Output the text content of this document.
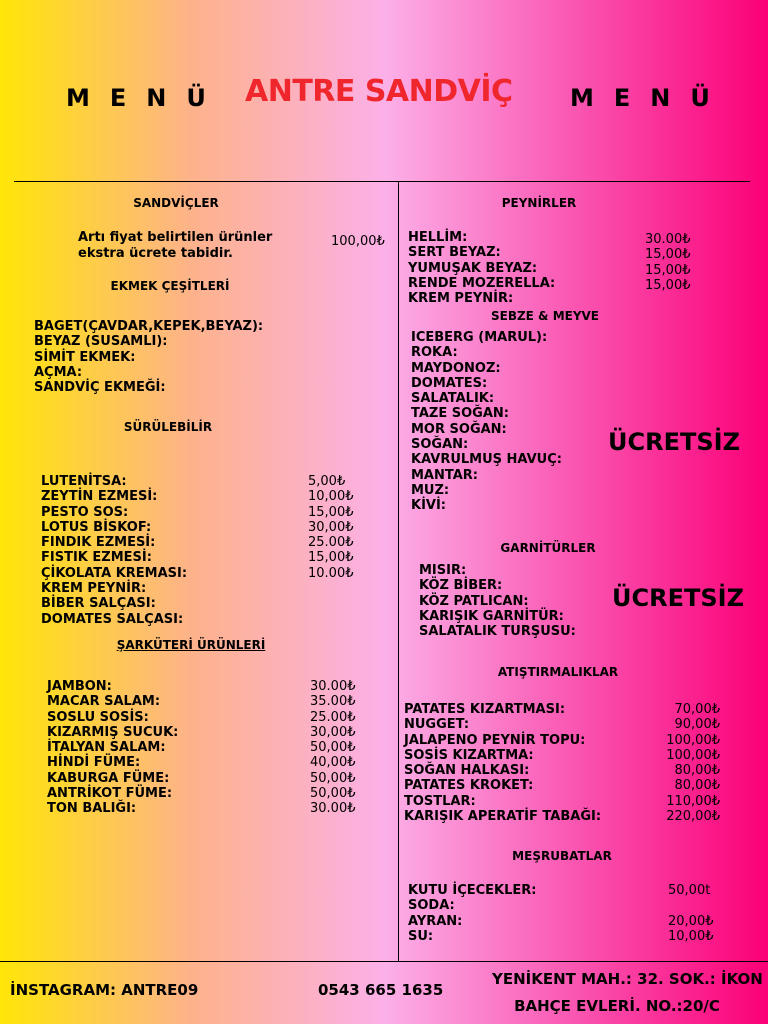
MENÜ ANTRE SANDVİÇ MENÜ
SANDVİÇLER
Artı fiyat belirtilen ürünler ekstra ücrete tabidir.
100,00₺
EKMEK ÇEŞİTLERİ
BAGET(ÇAVDAR,KEPEK,BEYAZ):
BEYAZ (SUSAMLI):
SİMİT EKMEK:
AÇMA:
SANDVİÇ EKMEĞİ:
SÜRÜLEBİLİR
LUTENİTSA:
ZEYTİN EZMESİ:
PESTO SOS:
LOTUS BİSKOF:
FINDIK EZMESİ:
FISTIK EZMESİ:
ÇİKOLATA KREMASI:
KREM PEYNİR:
BİBER SALÇASI:
DOMATES SALÇASI:
5,00₺
10,00₺
15,00₺
30,00₺
25.00₺
15,00₺
10.00₺
ŞARKÜTERİ ÜRÜNLERİ
JAMBON:
MACAR SALAM:
SOSLU SOSİS:
KIZARMIŞ SUCUK:
İTALYAN SALAM:
HİNDİ FÜME:
KABURGA FÜME:
ANTRİKOT FÜME:
TON BALIĞI:
30.00₺
35.00₺
25.00₺
30,00₺
50,00₺
40,00₺
50,00₺
50,00₺
30.00₺
PEYNİRLER
HELLİM:
SERT BEYAZ:
YUMUŞAK BEYAZ:
RENDE MOZERELLA:
KREM PEYNİR:
30.00₺
15,00₺
15,00₺
15,00₺
SEBZE & MEYVE
ICEBERG (MARUL):
ROKA:
MAYDONOZ:
DOMATES:
SALATALIK:
TAZE SOĞAN:
MOR SOĞAN:
SOĞAN:
KAVRULMUŞ HAVUÇ:
MANTAR:
MUZ:
KİVİ:
ÜCRETSİZ
GARNİTÜRLER
MISIR:
KÖZ BİBER:
KÖZ PATLICAN:
KARIŞIK GARNİTÜR:
SALATALIK TURŞUSU:
ÜCRETSİZ
ATIŞTIRMALIKLAR
PATATES KIZARTMASI:
NUGGET:
JALAPENO PEYNİR TOPU:
SOSİS KIZARTMA:
SOĞAN HALKASI:
PATATES KROKET:
TOSTLAR:
KARIŞIK APERATİF TABAĞI:
70,00₺
90,00₺
100,00₺
100,00₺
80,00₺
80,00₺
110,00₺
220,00₺
MEŞRUBATLAR
KUTU İÇECEKLER:
SODA:
AYRAN:
SU:
50,00t
20,00₺
10,00₺
İNSTAGRAM: ANTRE09	0543 665 1635
YENİKENT MAH.: 32. SOK.: İKON
BAHÇE EVLERİ. NO.:20/C
